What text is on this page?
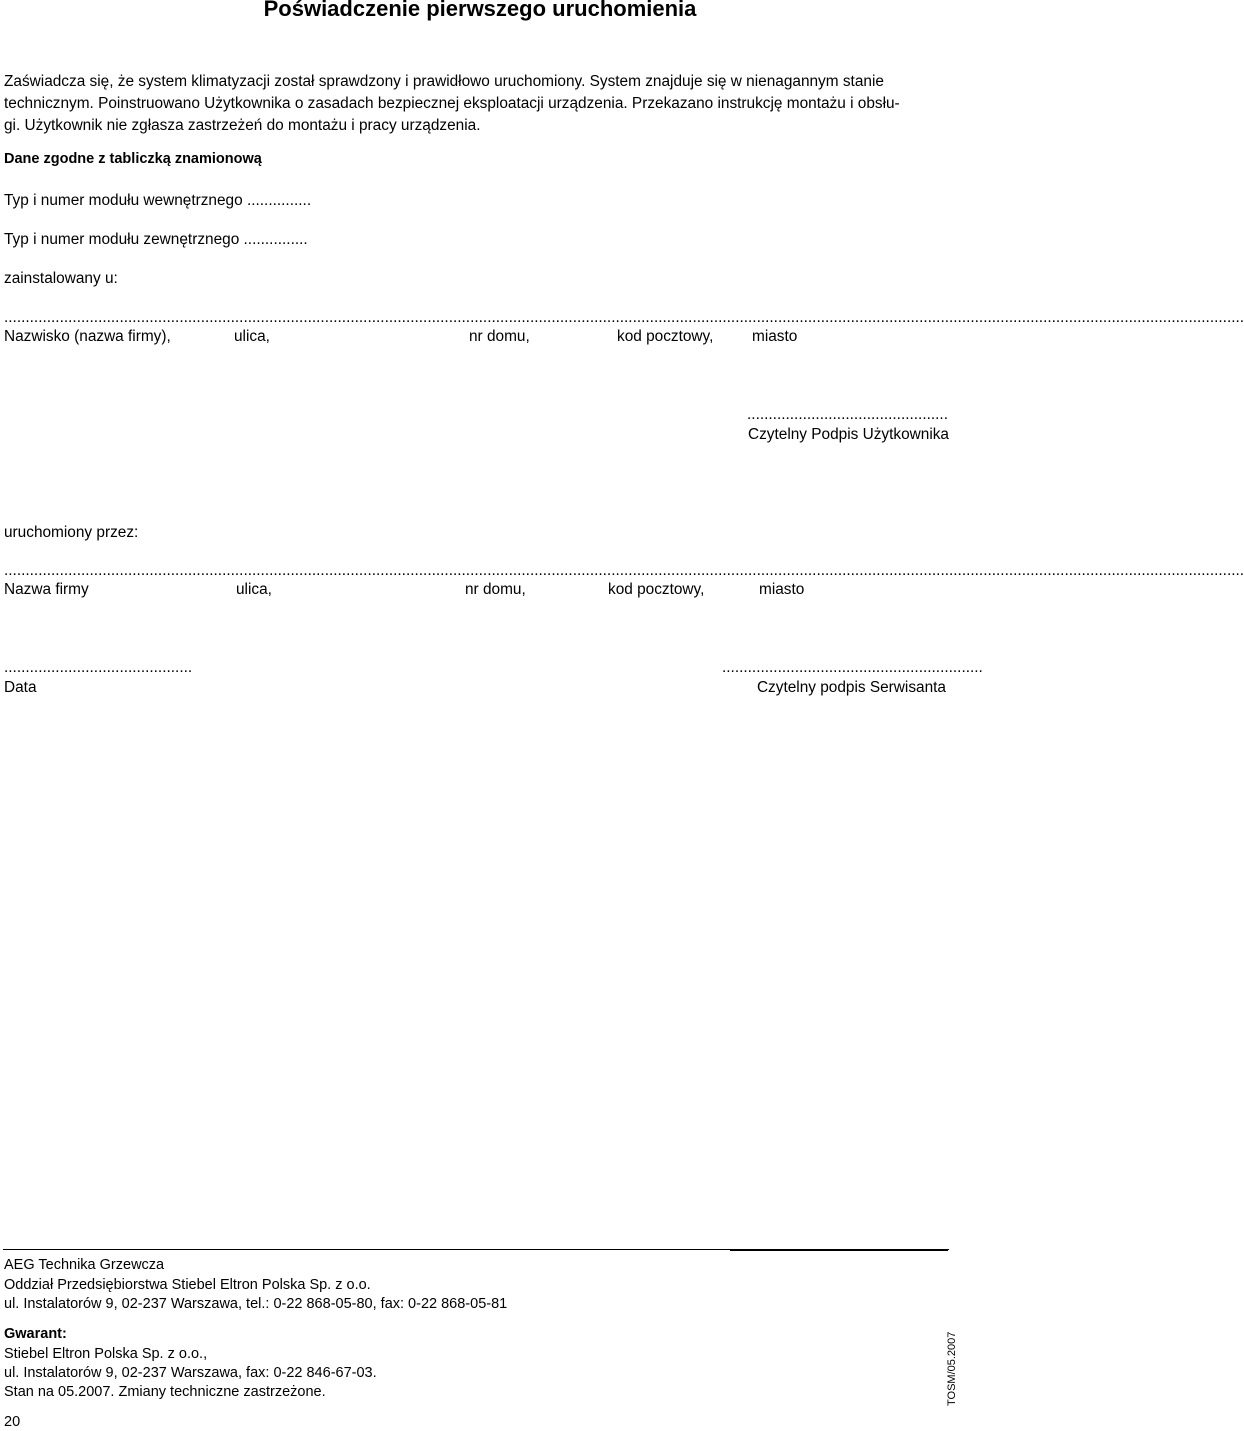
Poświadczenie pierwszego uruchomienia
Zaświadcza się, że system klimatyzacji został sprawdzony i prawidłowo uruchomiony. System znajduje się w nienagannym stanie
technicznym. Poinstruowano Użytkownika o zasadach bezpiecznej eksploatacji urządzenia. Przekazano instrukcję montażu i obsłu-
gi. Użytkownik nie zgłasza zastrzeżeń do montażu i pracy urządzenia.
Dane zgodne z tabliczką znamionową
Typ i numer modułu wewnętrznego ...............
Typ i numer modułu zewnętrznego ...............
zainstalowany u:
..................................................................................................................................................................................................................................................................................................
Nazwisko (nazwa firmy),	ulica,	nr domu,	kod pocztowy,	miasto
...............................................
Czytelny Podpis Użytkownika
uruchomiony przez:
..................................................................................................................................................................................................................................................................................................
Nazwa firmy	ulica,	nr domu,	kod pocztowy,	miasto
............................................
Data
.............................................................
Czytelny podpis Serwisanta
AEG Technika Grzewcza
Oddział Przedsiębiorstwa Stiebel Eltron Polska Sp. z o.o.
ul. Instalatorów 9, 02-237 Warszawa, tel.: 0-22 868-05-80, fax: 0-22 868-05-81
Gwarant:
Stiebel Eltron Polska Sp. z o.o.,
ul. Instalatorów 9, 02-237 Warszawa, fax: 0-22 846-67-03.
Stan na 05.2007. Zmiany techniczne zastrzeżone.
20
TOSM/05.2007
